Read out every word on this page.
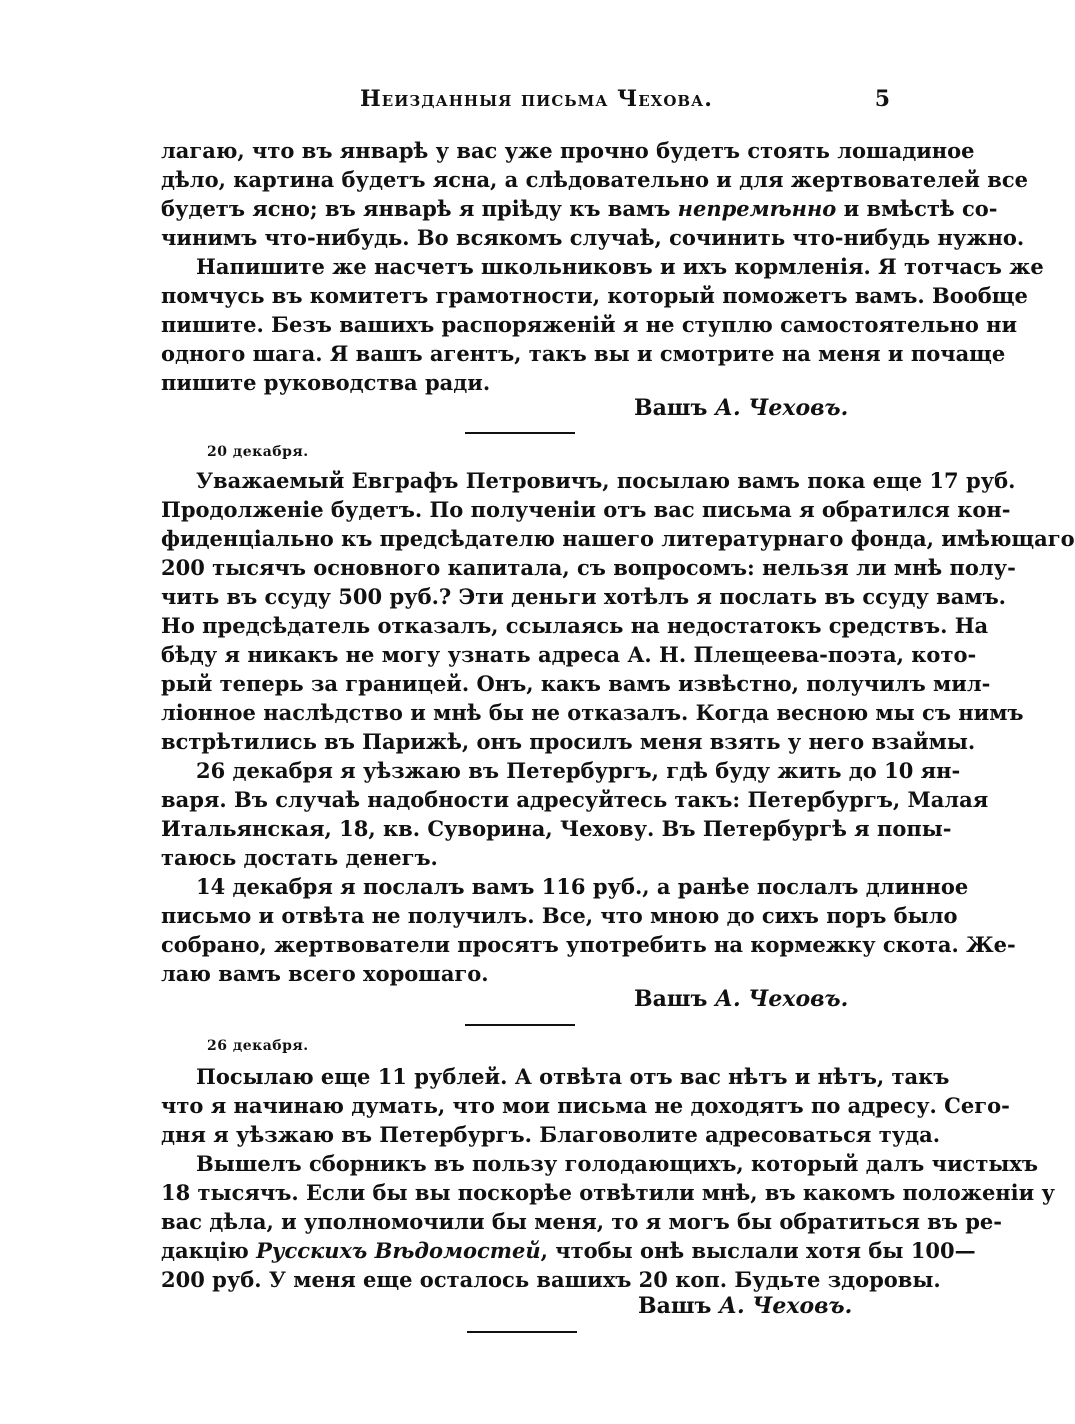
Неизданныя письма Чехова.	5
лагаю, что въ январѣ у вас уже прочно будетъ стоять лошадиное
дѣло, картина будетъ ясна, а слѣдовательно и для жертвователей все
будетъ ясно; въ январѣ я пріѣду къ вамъ непремѣнно и вмѣстѣ со-
чинимъ что-нибудь. Во всякомъ случаѣ, сочинить что-нибудь нужно.
Напишите же насчетъ школьниковъ и ихъ кормленія. Я тотчасъ же
помчусь въ комитетъ грамотности, который поможетъ вамъ. Вообще
пишите. Безъ вашихъ распоряженій я не ступлю самостоятельно ни
одного шага. Я вашъ агентъ, такъ вы и смотрите на меня и почаще
пишите руководства ради.
Вашъ А. Чеховъ.
20 декабря.
Уважаемый Евграфъ Петровичъ, посылаю вамъ пока еще 17 руб.
Продолженіе будетъ. По полученіи отъ вас письма я обратился кон-
фиденціально къ предсѣдателю нашего литературнаго фонда, имѣющаго
200 тысячъ основного капитала, съ вопросомъ: нельзя ли мнѣ полу-
чить въ ссуду 500 руб.? Эти деньги хотѣлъ я послать въ ссуду вамъ.
Но предсѣдатель отказалъ, ссылаясь на недостатокъ средствъ. На
бѣду я никакъ не могу узнать адреса А. Н. Плещеева-поэта, кото-
рый теперь за границей. Онъ, какъ вамъ извѣстно, получилъ мил-
ліонное наслѣдство и мнѣ бы не отказалъ. Когда весною мы съ нимъ
встрѣтились въ Парижѣ, онъ просилъ меня взять у него взаймы.
26 декабря я уѣзжаю въ Петербургъ, гдѣ буду жить до 10 ян-
варя. Въ случаѣ надобности адресуйтесь такъ: Петербургъ, Малая
Итальянская, 18, кв. Суворина, Чехову. Въ Петербургѣ я попы-
таюсь достать денегъ.
14 декабря я послалъ вамъ 116 руб., а ранѣе послалъ длинное
письмо и отвѣта не получилъ. Все, что мною до сихъ поръ было
собрано, жертвователи просятъ употребить на кормежку скота. Же-
лаю вамъ всего хорошаго.
Вашъ А. Чеховъ.
26 декабря.
Посылаю еще 11 рублей. А отвѣта отъ вас нѣтъ и нѣтъ, такъ
что я начинаю думать, что мои письма не доходятъ по адресу. Сего-
дня я уѣзжаю въ Петербургъ. Благоволите адресоваться туда.
Вышелъ сборникъ въ пользу голодающихъ, который далъ чистыхъ
18 тысячъ. Если бы вы поскорѣе отвѣтили мнѣ, въ какомъ положеніи у
вас дѣла, и уполномочили бы меня, то я могъ бы обратиться въ ре-
дакцію Русскихъ Вѣдомостей, чтобы онѣ выслали хотя бы 100—
200 руб. У меня еще осталось вашихъ 20 коп. Будьте здоровы.
Вашъ А. Чеховъ.
